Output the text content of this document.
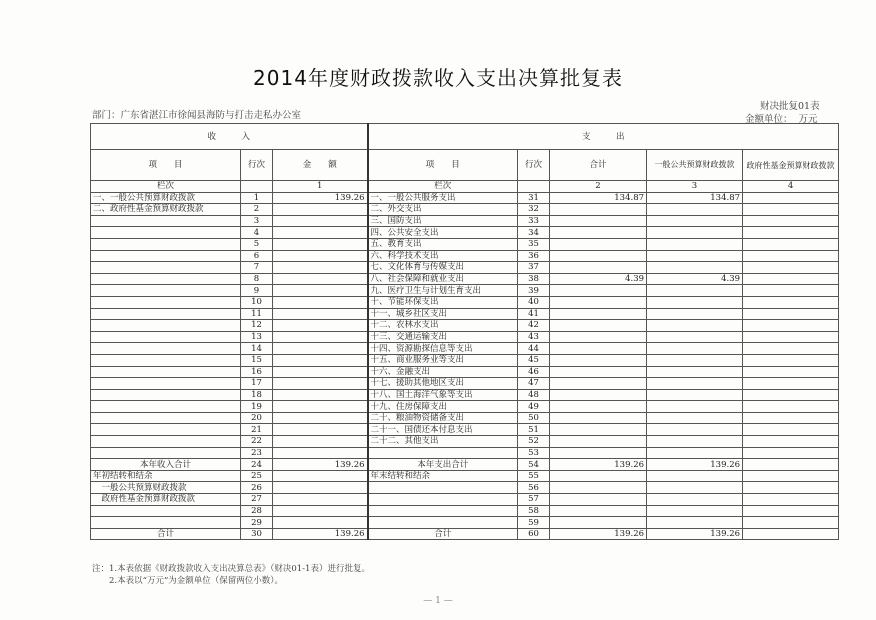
2014年度财政拨款收入支出决算批复表
部门：广东省湛江市徐闻县海防与打击走私办公室
财决批复01表
金额单位： 万元
收　　　入			支　　　出				
项　　目	行次	金　　额	项　　目	行次	合计	一般公共预算财政拨款	政府性基金预算财政拨款
栏次		1	栏次		2	3	4
一、一般公共预算财政拨款	1	139.26	一、一般公共服务支出	31	134.87	134.87	
二、政府性基金预算财政拨款	2		二、外交支出	32			
	3		三、国防支出	33			
	4		四、公共安全支出	34			
	5		五、教育支出	35			
	6		六、科学技术支出	36			
	7		七、文化体育与传媒支出	37			
	8		八、社会保障和就业支出	38	4.39	4.39	
	9		九、医疗卫生与计划生育支出	39			
	10		十、节能环保支出	40			
	11		十一、城乡社区支出	41			
	12		十二、农林水支出	42			
	13		十三、交通运输支出	43			
	14		十四、资源勘探信息等支出	44			
	15		十五、商业服务业等支出	45			
	16		十六、金融支出	46			
	17		十七、援助其他地区支出	47			
	18		十八、国土海洋气象等支出	48			
	19		十九、住房保障支出	49			
	20		二十、粮油物资储备支出	50			
	21		二十一、国债还本付息支出	51			
	22		二十二、其他支出	52			
	23			53			
本年收入合计	24	139.26	本年支出合计	54	139.26	139.26	
年初结转和结余	25		年末结转和结余	55			
　一般公共预算财政拨款	26			56			
　政府性基金预算财政拨款	27			57			
	28			58			
	29			59			
合计	30	139.26	合计	60	139.26	139.26	
注：1.本表依据《财政拨款收入支出决算总表》（财决01-1表）进行批复。
　　2.本表以“万元”为金额单位（保留两位小数）。
— 1 —
